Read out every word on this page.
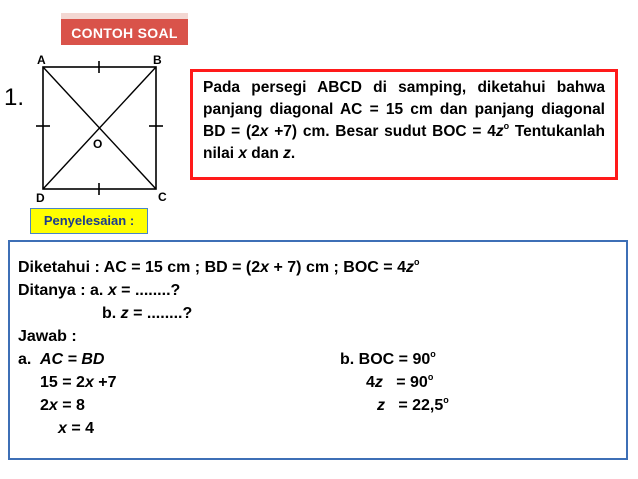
CONTOH SOAL
1.
A	B
C
D
O
Pada persegi ABCD di samping, diketahui bahwa panjang diagonal AC = 15 cm dan panjang diagonal BD = (2x +7) cm. Besar sudut BOC = $4z^o$ Tentukanlah nilai x dan z.
Penyelesaian :
Diketahui : AC = 15 cm ; BD = (2x + 7) cm ; BOC = $4z^o$
Ditanya : a. x = ........?
b. z = ........?
Jawab :
a. AC = BD
15 = 2x +7
2x = 8
x = 4
b. BOC = $90^o$
$4z = 90^o$
$z = 22,5^o$
